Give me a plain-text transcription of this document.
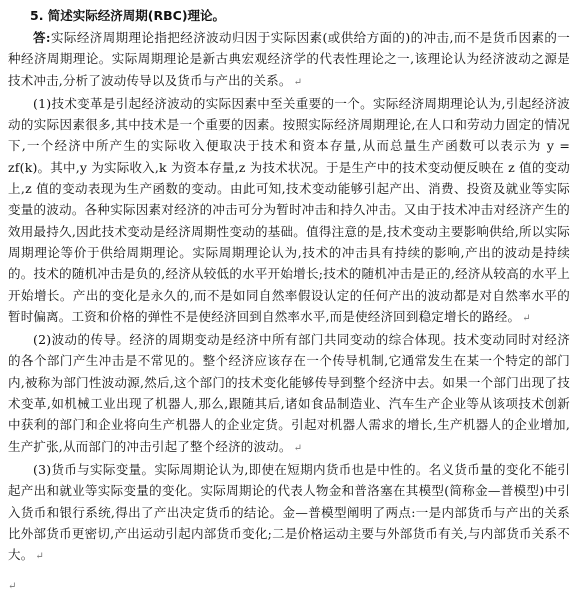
5. 简述实际经济周期(RBC)理论。

答:实际经济周期理论指把经济波动归因于实际因素(或供给方面的)的冲击,而不是货币因素的一种经济周期理论。实际周期理论是新古典宏观经济学的代表性理论之一,该理论认为经济波动之源是技术冲击,分析了波动传导以及货币与产出的关系。 ↵

(1)技术变革是引起经济波动的实际因素中至关重要的一个。实际经济周期理论认为,引起经济波动的实际因素很多,其中技术是一个重要的因素。按照实际经济周期理论,在人口和劳动力固定的情况下,一个经济中所产生的实际收入便取决于技术和资本存量,从而总量生产函数可以表示为 y = zf(k)。其中,y 为实际收入,k 为资本存量,z 为技术状况。于是生产中的技术变动便反映在 z 值的变动上,z 值的变动表现为生产函数的变动。由此可知,技术变动能够引起产出、消费、投资及就业等实际变量的波动。各种实际因素对经济的冲击可分为暂时冲击和持久冲击。又由于技术冲击对经济产生的效用最持久,因此技术变动是经济周期性变动的基础。值得注意的是,技术变动主要影响供给,所以实际周期理论等价于供给周期理论。实际周期理论认为,技术的冲击具有持续的影响,产出的波动是持续的。技术的随机冲击是负的,经济从较低的水平开始增长;技术的随机冲击是正的,经济从较高的水平上开始增长。产出的变化是永久的,而不是如同自然率假设认定的任何产出的波动都是对自然率水平的暂时偏离。工资和价格的弹性不是使经济回到自然率水平,而是使经济回到稳定增长的路经。 ↵

(2)波动的传导。经济的周期变动是经济中所有部门共同变动的综合体现。技术变动同时对经济的各个部门产生冲击是不常见的。整个经济应该存在一个传导机制,它通常发生在某一个特定的部门内,被称为部门性波动源,然后,这个部门的技术变化能够传导到整个经济中去。如果一个部门出现了技术变革,如机械工业出现了机器人,那么,跟随其后,诸如食品制造业、汽车生产企业等从该项技术创新中获利的部门和企业将向生产机器人的企业定货。引起对机器人需求的增长,生产机器人的企业增加,生产扩张,从而部门的冲击引起了整个经济的波动。 ↵

(3)货币与实际变量。实际周期论认为,即使在短期内货币也是中性的。名义货币量的变化不能引起产出和就业等实际变量的变化。实际周期论的代表人物金和普洛塞在其模型(简称金—普模型)中引入货币和银行系统,得出了产出决定货币的结论。金—普模型阐明了两点:一是内部货币与产出的关系比外部货币更密切,产出运动引起内部货币变化;二是价格运动主要与外部货币有关,与内部货币关系不大。 ↵

↵
